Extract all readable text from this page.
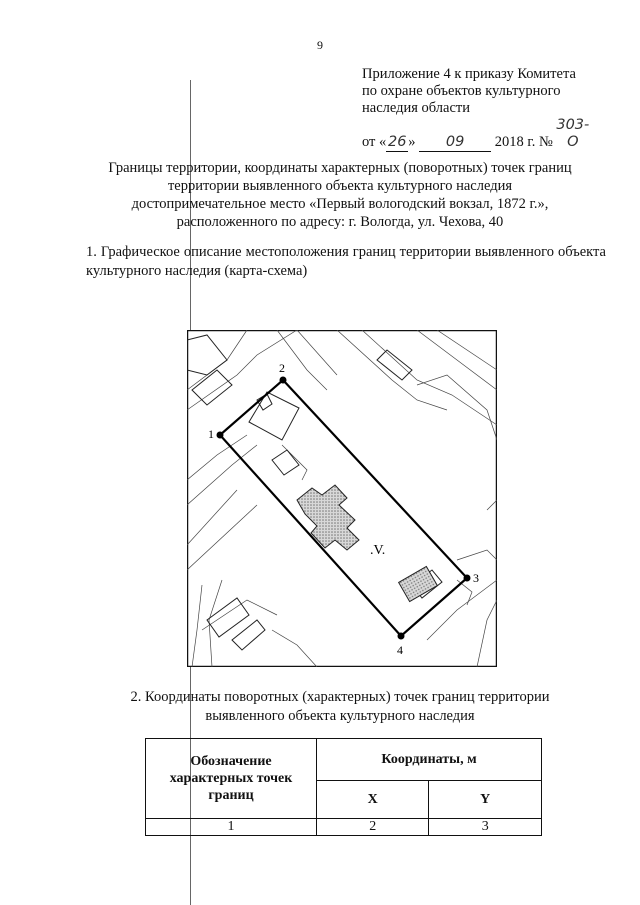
9
Приложение 4 к приказу Комитета
по охране объектов культурного
наследия области
от « 26 » 09 2018 г. №303-О
Границы территории, координаты характерных (поворотных) точек границ
территории выявленного объекта культурного наследия
достопримечательное место «Первый вологодский вокзал, 1872 г.»,
расположенного по адресу: г. Вологда, ул. Чехова, 40
1. Графическое описание местоположения границ территории выявленного объекта культурного наследия (карта-схема)
1
2
3
4
.V.
2. Координаты поворотных (характерных) точек границ территории
выявленного объекта культурного наследия
Обозначение характерных точек границ	Координаты, м	
	X	Y
1	2	3
